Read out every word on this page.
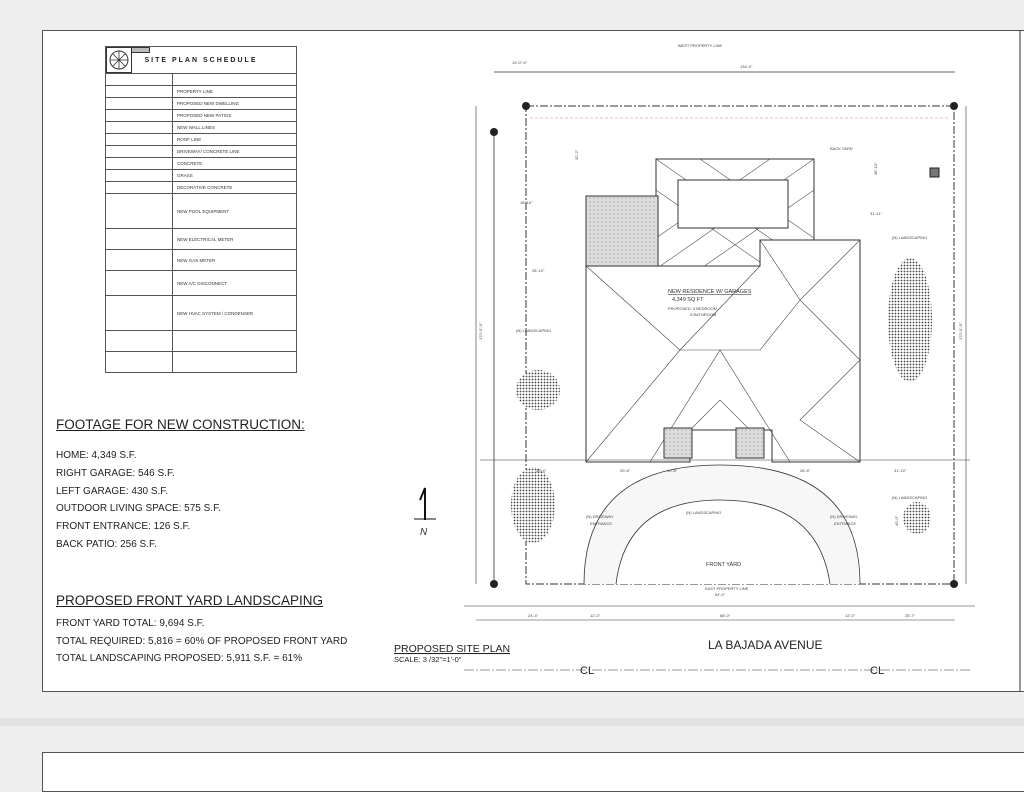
SITE PLAN SCHEDULE	

	PROPERTY LINE

	PROPOSED NEW DWELLING

	PROPOSED NEW PATIOS

	NEW WALL LINES

	ROOF LINE

	DRIVEWAY/ CONCRETE LINE

	CONCRETE

	GRASS

	DECORATIVE CONCRETE

	NEW POOL EQUIPMENT

	NEW ELECTRICAL METER

	NEW GAS METER

	NEW A/C DISCONNECT

	NEW HVAC SYSTEM / CONDENSER

FOOTAGE FOR NEW CONSTRUCTION:
HOME: 4,349 S.F.
RIGHT GARAGE: 546 S.F.
LEFT GARAGE: 430 S.F.
OUTDOOR LIVING SPACE: 575 S.F.
FRONT ENTRANCE: 126 S.F.
BACK PATIO: 256 S.F.
PROPOSED FRONT YARD LANDSCAPING
FRONT YARD TOTAL: 9,694 S.F.
TOTAL REQUIRED: 5,816 = 60% OF PROPOSED FRONT YARD
TOTAL LANDSCAPING PROPOSED: 5,911 S.F. = 61%
WEST PROPERTY LINE
19'-0"-0"
134'-0"
170'-0"-0"	170'-0"-0"
BACK YARD
18'-10"
28'-10"
31'-11"
46'-10"
32'-2"
NEW RESIDENCE W/ GARAGES
4,349 SQ FT
PROPOSED: 4 BEDROOM
5 BATHROOM
(N) LANDSCAPING
(N) LANDSCAPING
(N) LANDSCAPING
(N) LANDSCAPING
FRONT YARD
(N) DRIVEWAY
ENTRANCE
(N) DRIVEWAY
ENTRANCE
30'-4"	20'-6"	10'-6"	28'-8"	31'-10"
40'-0"
EAST PROPERTY LINE
64'-0"
24'-4"	12'-0"	68'-0"	12'-0"	25'-7"
LA BAJADA AVENUE
CL	CL
PROPOSED SITE PLAN
SCALE: 3 /32"=1'-0"
N
